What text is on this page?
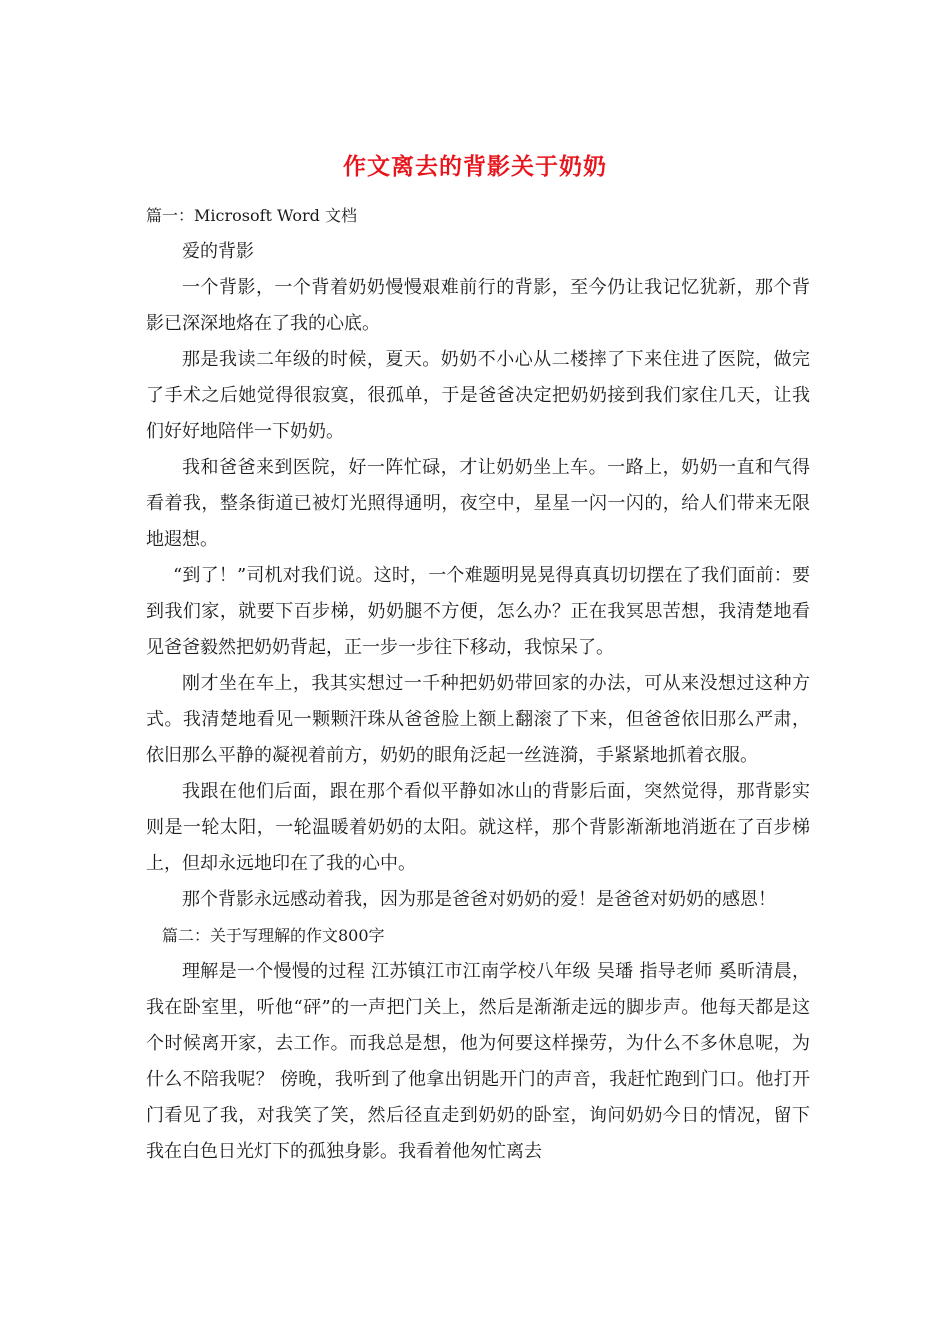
作文离去的背影关于奶奶

篇一：Microsoft Word 文档

爱的背影

一个背影，一个背着奶奶慢慢艰难前行的背影，至今仍让我记忆犹新，那个背影已深深地烙在了我的心底。

那是我读二年级的时候，夏天。奶奶不小心从二楼摔了下来住进了医院，做完了手术之后她觉得很寂寞，很孤单，于是爸爸决定把奶奶接到我们家住几天，让我们好好地陪伴一下奶奶。

我和爸爸来到医院，好一阵忙碌，才让奶奶坐上车。一路上，奶奶一直和气得看着我，整条街道已被灯光照得通明，夜空中，星星一闪一闪的，给人们带来无限地遐想。

“到了！”司机对我们说。这时，一个难题明晃晃得真真切切摆在了我们面前：要到我们家，就要下百步梯，奶奶腿不方便，怎么办？正在我冥思苦想，我清楚地看见爸爸毅然把奶奶背起，正一步一步往下移动，我惊呆了。

刚才坐在车上，我其实想过一千种把奶奶带回家的办法，可从来没想过这种方式。我清楚地看见一颗颗汗珠从爸爸脸上额上翻滚了下来，但爸爸依旧那么严肃，依旧那么平静的凝视着前方，奶奶的眼角泛起一丝涟漪，手紧紧地抓着衣服。

我跟在他们后面，跟在那个看似平静如冰山的背影后面，突然觉得，那背影实则是一轮太阳，一轮温暖着奶奶的太阳。就这样，那个背影渐渐地消逝在了百步梯上，但却永远地印在了我的心中。

那个背影永远感动着我，因为那是爸爸对奶奶的爱！是爸爸对奶奶的感恩！

篇二：关于写理解的作文800字

理解是一个慢慢的过程 江苏镇江市江南学校八年级 吴璠 指导老师 奚昕清晨，我在卧室里，听他“砰”的一声把门关上，然后是渐渐走远的脚步声。他每天都是这个时候离开家，去工作。而我总是想，他为何要这样操劳，为什么不多休息呢，为什么不陪我呢？ 傍晚，我听到了他拿出钥匙开门的声音，我赶忙跑到门口。他打开门看见了我，对我笑了笑，然后径直走到奶奶的卧室，询问奶奶今日的情况，留下我在白色日光灯下的孤独身影。我看着他匆忙离去
